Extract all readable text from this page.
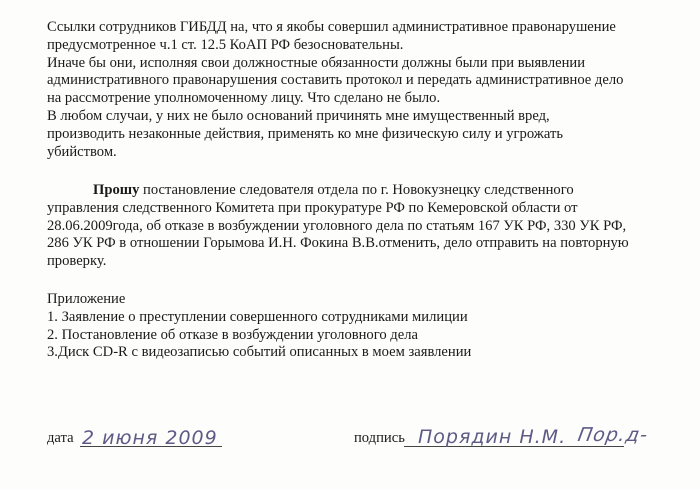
Ссылки сотрудников ГИБДД на, что я якобы совершил административное правонарушение
предусмотренное ч.1 ст. 12.5 КоАП РФ безосновательны.
Иначе бы они, исполняя свои должностные обязанности должны были при выявлении
административного правонарушения составить протокол и передать административное дело
на рассмотрение уполномоченному лицу. Что сделано не было.
В любом случаи, у них не было оснований причинять мне имущественный вред,
производить незаконные действия, применять ко мне физическую силу и угрожать
убийством.
Прошу постановление следователя отдела по г. Новокузнецку следственного
управления следственного Комитета при прокуратуре РФ по Кемеровской области от
28.06.2009года, об отказе в возбуждении уголовного дела по статьям 167 УК РФ, 330 УК РФ,
286 УК РФ в отношении Горымова И.Н. Фокина В.В.отменить, дело отправить на повторную
проверку.
Приложение
1. Заявление о преступлении совершенного сотрудниками милиции
2. Постановление об отказе в возбуждении уголовного дела
3.Диск CD-R с видеозаписью событий описанных в моем заявлении
дата 2 июня 2009	подпись Порядин Н.М. Пор.д-
